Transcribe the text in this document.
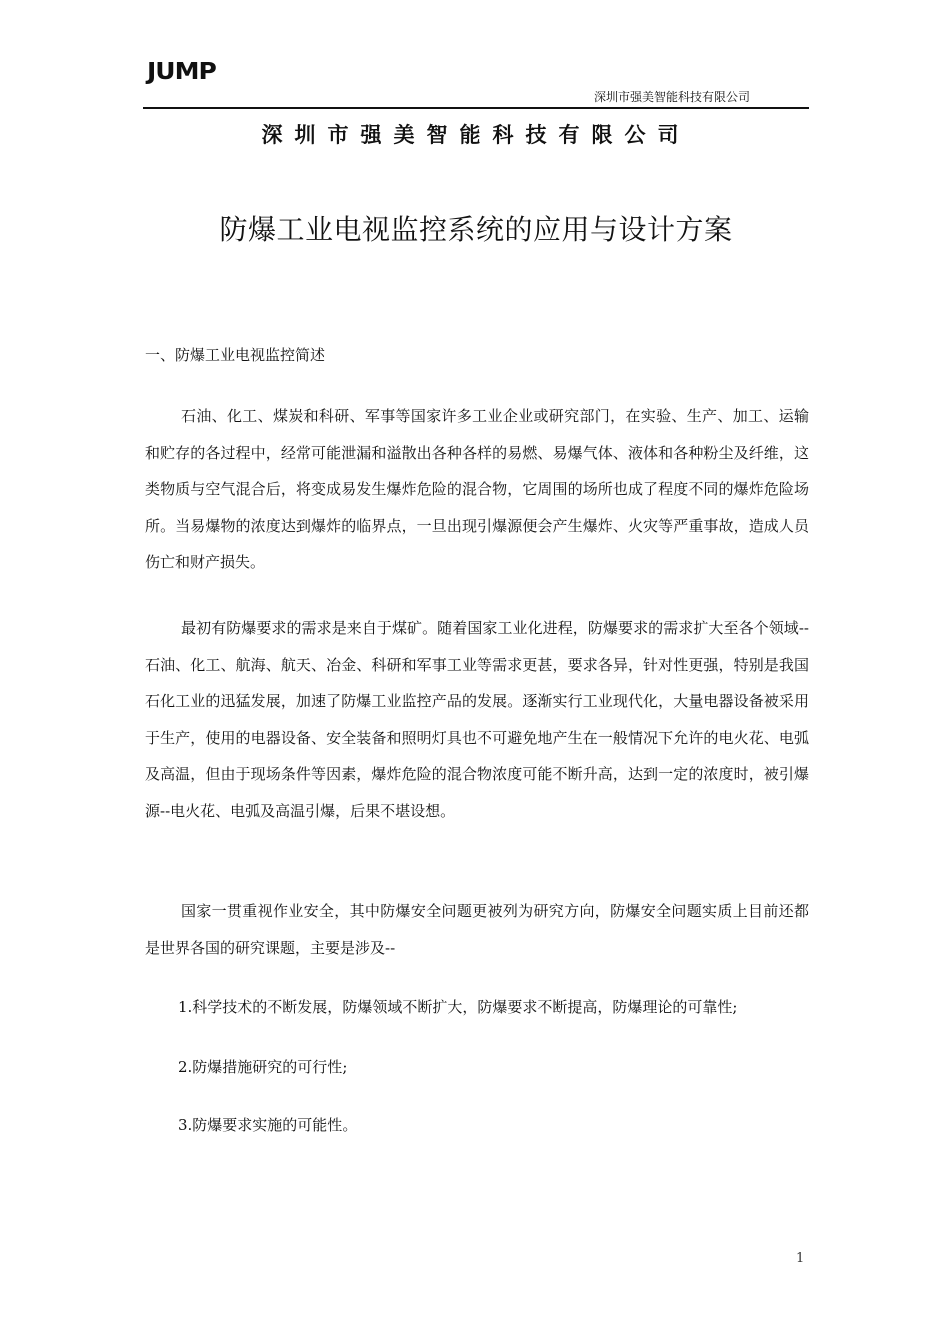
JUMP
深圳市强美智能科技有限公司
深圳市强美智能科技有限公司
防爆工业电视监控系统的应用与设计方案
一、防爆工业电视监控简述

石油、化工、煤炭和科研、军事等国家许多工业企业或研究部门，在实验、生产、加工、运输和贮存的各过程中，经常可能泄漏和溢散出各种各样的易燃、易爆气体、液体和各种粉尘及纤维，这类物质与空气混合后，将变成易发生爆炸危险的混合物，它周围的场所也成了程度不同的爆炸危险场所。当易爆物的浓度达到爆炸的临界点，一旦出现引爆源便会产生爆炸、火灾等严重事故，造成人员伤亡和财产损失。

最初有防爆要求的需求是来自于煤矿。随着国家工业化进程，防爆要求的需求扩大至各个领域--石油、化工、航海、航天、冶金、科研和军事工业等需求更甚，要求各异，针对性更强，特别是我国石化工业的迅猛发展，加速了防爆工业监控产品的发展。逐渐实行工业现代化，大量电器设备被采用于生产，使用的电器设备、安全装备和照明灯具也不可避免地产生在一般情况下允许的电火花、电弧及高温，但由于现场条件等因素，爆炸危险的混合物浓度可能不断升高，达到一定的浓度时，被引爆源--电火花、电弧及高温引爆，后果不堪设想。

国家一贯重视作业安全，其中防爆安全问题更被列为研究方向，防爆安全问题实质上目前还都是世界各国的研究课题，主要是涉及--

1.科学技术的不断发展，防爆领域不断扩大，防爆要求不断提高，防爆理论的可靠性;
2.防爆措施研究的可行性;
3.防爆要求实施的可能性。
1
